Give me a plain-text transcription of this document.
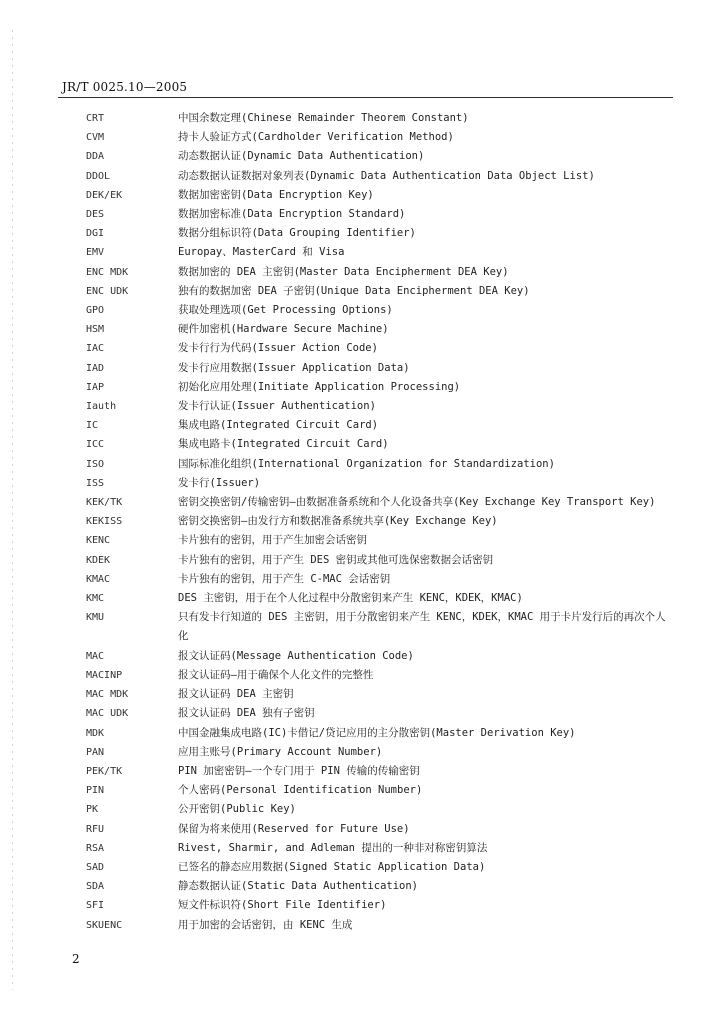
JR/T 0025.10—2005
CRT	中国余数定理(Chinese Remainder Theorem Constant)
CVM	持卡人验证方式(Cardholder Verification Method)
DDA	动态数据认证(Dynamic Data Authentication)
DDOL	动态数据认证数据对象列表(Dynamic Data Authentication Data Object List)
DEK/EK	数据加密密钥(Data Encryption Key)
DES	数据加密标准(Data Encryption Standard)
DGI	数据分组标识符(Data Grouping Identifier)
EMV	Europay、MasterCard 和 Visa
ENC MDK	数据加密的 DEA 主密钥(Master Data Encipherment DEA Key)
ENC UDK	独有的数据加密 DEA 子密钥(Unique Data Encipherment DEA Key)
GPO	获取处理选项(Get Processing Options)
HSM	硬件加密机(Hardware Secure Machine)
IAC	发卡行行为代码(Issuer Action Code)
IAD	发卡行应用数据(Issuer Application Data)
IAP	初始化应用处理(Initiate Application Processing)
Iauth	发卡行认证(Issuer Authentication)
IC	集成电路(Integrated Circuit Card)
ICC	集成电路卡(Integrated Circuit Card)
ISO	国际标准化组织(International Organization for Standardization)
ISS	发卡行(Issuer)
KEK/TK	密钥交换密钥/传输密钥—由数据准备系统和个人化设备共享(Key Exchange Key Transport Key)
KEKISS	密钥交换密钥—由发行方和数据准备系统共享(Key Exchange Key)
KENC	卡片独有的密钥，用于产生加密会话密钥
KDEK	卡片独有的密钥，用于产生 DES 密钥或其他可选保密数据会话密钥
KMAC	卡片独有的密钥，用于产生 C-MAC 会话密钥
KMC	DES 主密钥，用于在个人化过程中分散密钥来产生 KENC，KDEK，KMAC)
KMU	只有发卡行知道的 DES 主密钥，用于分散密钥来产生 KENC，KDEK，KMAC 用于卡片发行后的再次个人化
MAC	报文认证码(Message Authentication Code)
MACINP	报文认证码—用于确保个人化文件的完整性
MAC MDK	报文认证码 DEA 主密钥
MAC UDK	报文认证码 DEA 独有子密钥
MDK	中国金融集成电路(IC)卡借记/贷记应用的主分散密钥(Master Derivation Key)
PAN	应用主账号(Primary Account Number)
PEK/TK	PIN 加密密钥—一个专门用于 PIN 传输的传输密钥
PIN	个人密码(Personal Identification Number)
PK	公开密钥(Public Key)
RFU	保留为将来使用(Reserved for Future Use)
RSA	Rivest, Sharmir, and Adleman 提出的一种非对称密钥算法
SAD	已签名的静态应用数据(Signed Static Application Data)
SDA	静态数据认证(Static Data Authentication)
SFI	短文件标识符(Short File Identifier)
SKUENC	用于加密的会话密钥，由 KENC 生成
2
